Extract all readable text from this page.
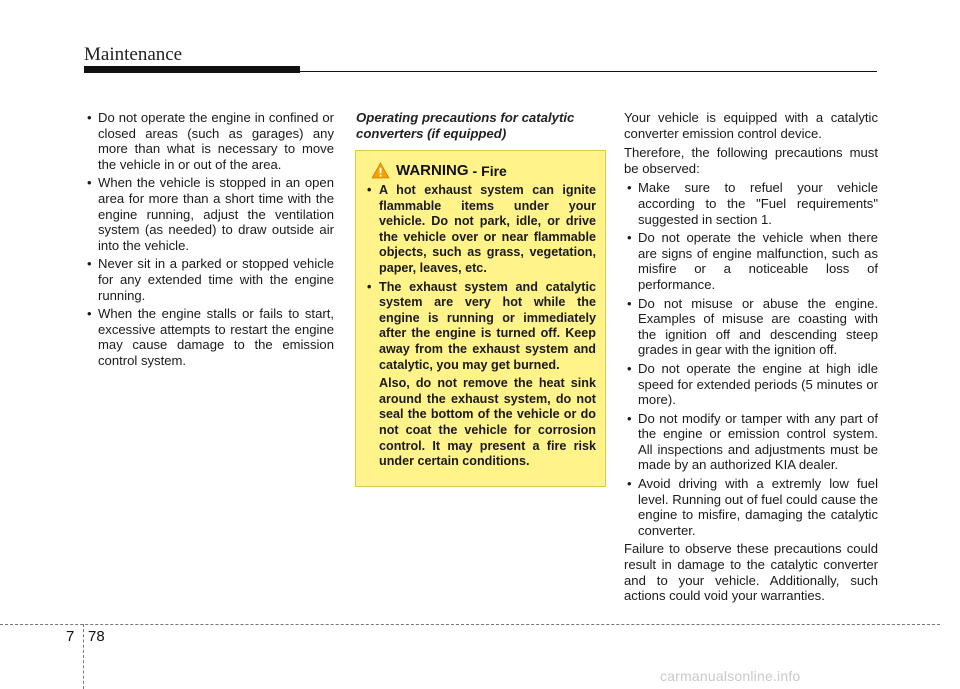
Maintenance
• Do not operate the engine in confined or closed areas (such as garages) any more than what is necessary to move the vehicle in or out of the area.
• When the vehicle is stopped in an open area for more than a short time with the engine running, adjust the ventilation system (as needed) to draw outside air into the vehicle.
• Never sit in a parked or stopped vehicle for any extended time with the engine running.
• When the engine stalls or fails to start, excessive attempts to restart the engine may cause damage to the emission control system.
Operating precautions for catalytic converters (if equipped)
WARNING - Fire
• A hot exhaust system can ignite flammable items under your vehicle. Do not park, idle, or drive the vehicle over or near flammable objects, such as grass, vegetation, paper, leaves, etc.
• The exhaust system and catalytic system are very hot while the engine is running or immediately after the engine is turned off. Keep away from the exhaust system and catalytic, you may get burned.
Also, do not remove the heat sink around the exhaust system, do not seal the bottom of the vehicle or do not coat the vehicle for corrosion control. It may present a fire risk under certain conditions.

Your vehicle is equipped with a catalytic converter emission control device.

Therefore, the following precautions must be observed:

• Make sure to refuel your vehicle according to the "Fuel requirements" suggested in section 1.
• Do not operate the vehicle when there are signs of engine malfunction, such as misfire or a noticeable loss of performance.
• Do not misuse or abuse the engine. Examples of misuse are coasting with the ignition off and descending steep grades in gear with the ignition off.
• Do not operate the engine at high idle speed for extended periods (5 minutes or more).
• Do not modify or tamper with any part of the engine or emission control system. All inspections and adjustments must be made by an authorized KIA dealer.
• Avoid driving with a extremly low fuel level. Running out of fuel could cause the engine to misfire, damaging the catalytic converter.

Failure to observe these precautions could result in damage to the catalytic converter and to your vehicle. Additionally, such actions could void your warranties.

7 78
carmanualsonline.info
